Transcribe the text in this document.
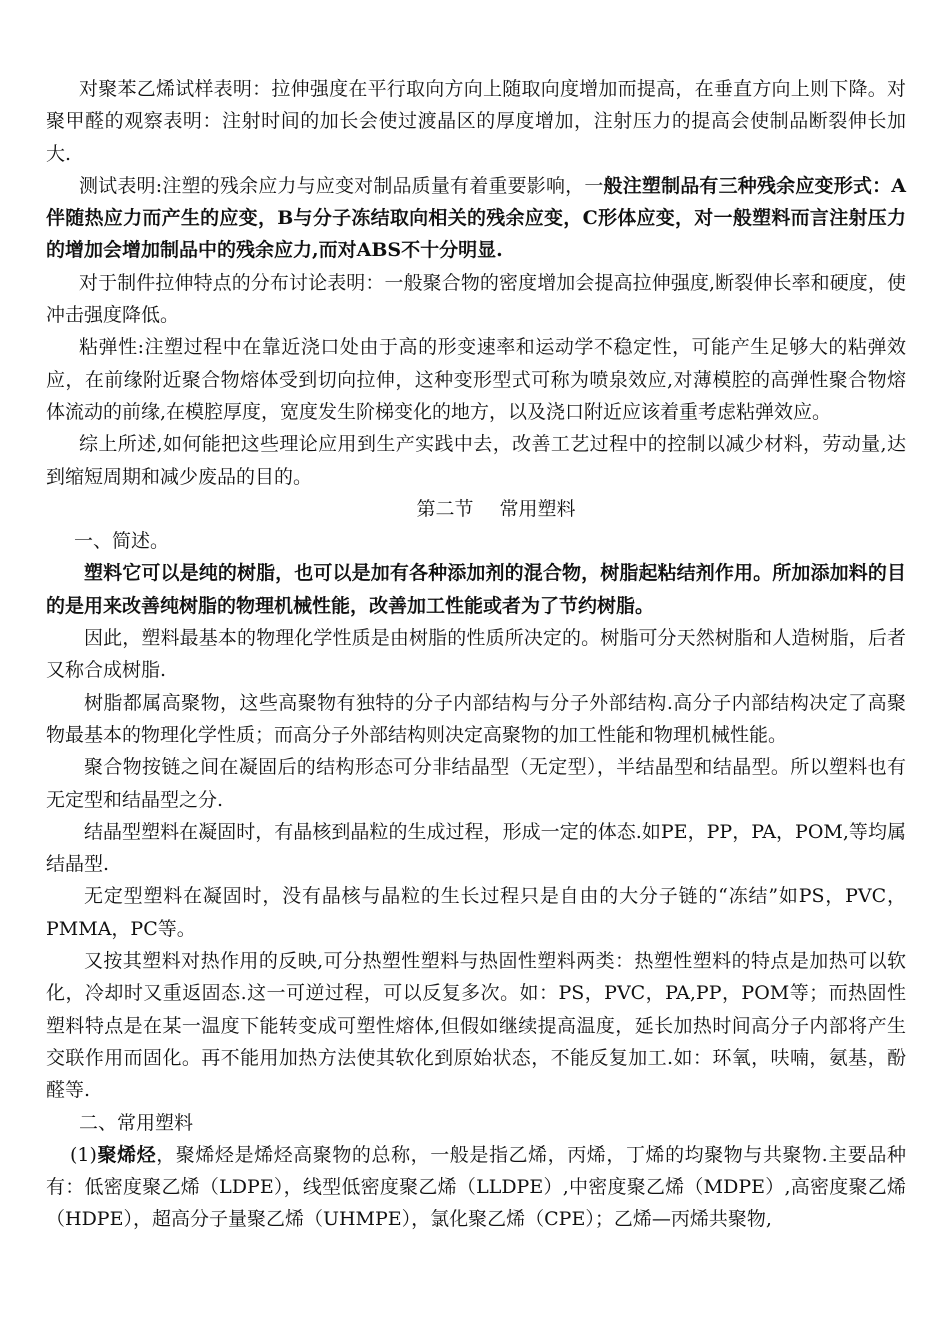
对聚苯乙烯试样表明：拉伸强度在平行取向方向上随取向度增加而提高，在垂直方向上则下降。对聚甲醛的观察表明：注射时间的加长会使过渡晶区的厚度增加，注射压力的提高会使制品断裂伸长加大.

测试表明:注塑的残余应力与应变对制品质量有着重要影响，一般注塑制品有三种残余应变形式：A伴随热应力而产生的应变，B与分子冻结取向相关的残余应变，C形体应变，对一般塑料而言注射压力的增加会增加制品中的残余应力,而对ABS不十分明显.

对于制件拉伸特点的分布讨论表明：一般聚合物的密度增加会提高拉伸强度,断裂伸长率和硬度，使冲击强度降低。

粘弹性:注塑过程中在靠近浇口处由于高的形变速率和运动学不稳定性，可能产生足够大的粘弹效应，在前缘附近聚合物熔体受到切向拉伸，这种变形型式可称为喷泉效应,对薄模腔的高弹性聚合物熔体流动的前缘,在模腔厚度，宽度发生阶梯变化的地方，以及浇口附近应该着重考虑粘弹效应。

综上所述,如何能把这些理论应用到生产实践中去，改善工艺过程中的控制以减少材料，劳动量,达到缩短周期和减少废品的目的。

第二节 常用塑料

一、简述。

塑料它可以是纯的树脂，也可以是加有各种添加剂的混合物，树脂起粘结剂作用。所加添加料的目的是用来改善纯树脂的物理机械性能，改善加工性能或者为了节约树脂。

因此，塑料最基本的物理化学性质是由树脂的性质所决定的。树脂可分天然树脂和人造树脂，后者又称合成树脂.

树脂都属高聚物，这些高聚物有独特的分子内部结构与分子外部结构.高分子内部结构决定了高聚物最基本的物理化学性质；而高分子外部结构则决定高聚物的加工性能和物理机械性能。

聚合物按链之间在凝固后的结构形态可分非结晶型（无定型），半结晶型和结晶型。所以塑料也有无定型和结晶型之分.

结晶型塑料在凝固时，有晶核到晶粒的生成过程，形成一定的体态.如PE，PP，PA，POM,等均属结晶型.

无定型塑料在凝固时，没有晶核与晶粒的生长过程只是自由的大分子链的“冻结”如PS，PVC，PMMA，PC等。

又按其塑料对热作用的反映,可分热塑性塑料与热固性塑料两类：热塑性塑料的特点是加热可以软化，冷却时又重返固态.这一可逆过程，可以反复多次。如：PS，PVC，PA,PP，POM等；而热固性塑料特点是在某一温度下能转变成可塑性熔体,但假如继续提高温度，延长加热时间高分子内部将产生交联作用而固化。再不能用加热方法使其软化到原始状态，不能反复加工.如：环氧，呋喃，氨基，酚醛等.

二、常用塑料

(1)聚烯烃，聚烯烃是烯烃高聚物的总称，一般是指乙烯，丙烯，丁烯的均聚物与共聚物.主要品种有：低密度聚乙烯（LDPE），线型低密度聚乙烯（LLDPE）,中密度聚乙烯（MDPE）,高密度聚乙烯（HDPE），超高分子量聚乙烯（UHMPE），氯化聚乙烯（CPE）；乙烯—丙烯共聚物,
